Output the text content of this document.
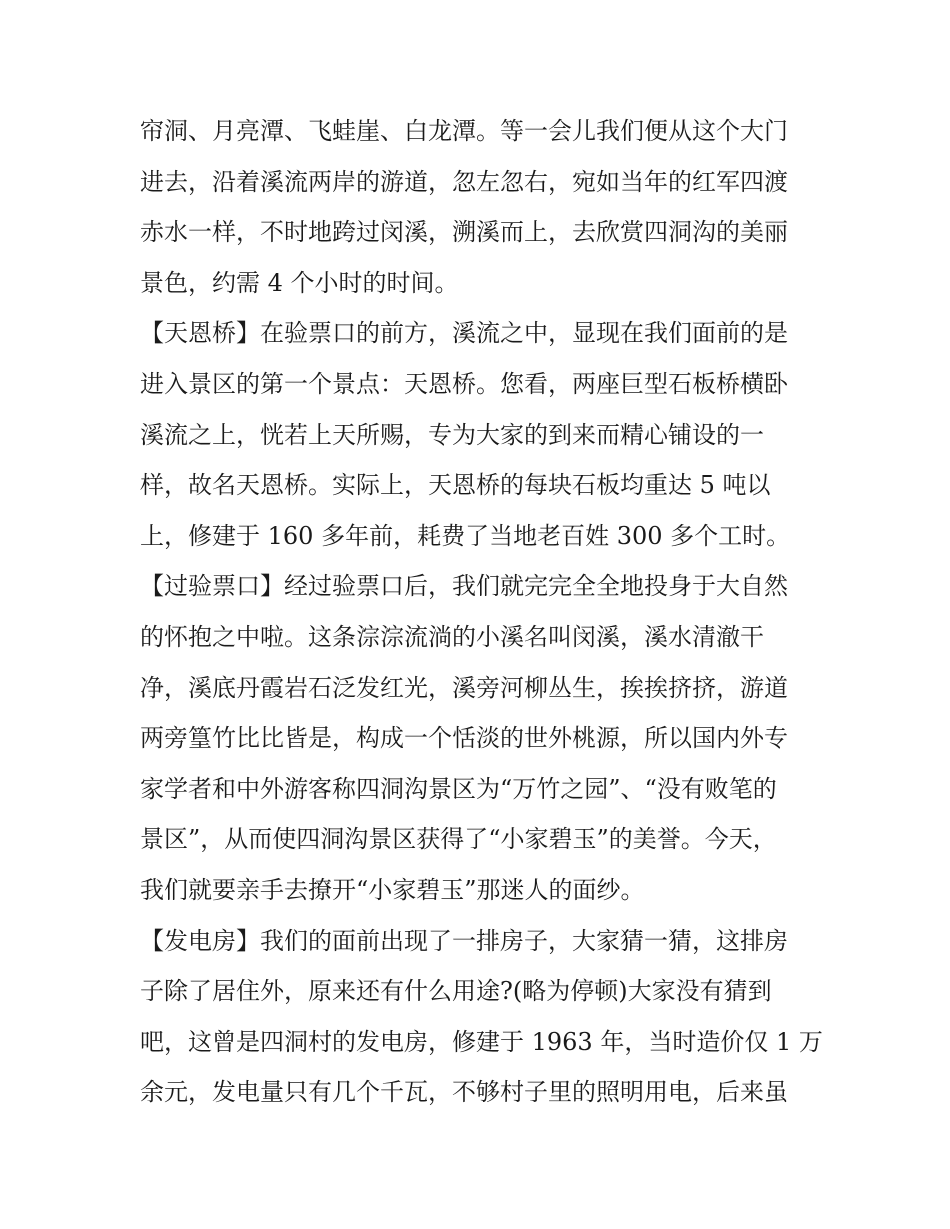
帘洞、月亮潭、飞蛙崖、白龙潭。等一会儿我们便从这个大门
进去，沿着溪流两岸的游道，忽左忽右，宛如当年的红军四渡
赤水一样，不时地跨过闵溪，溯溪而上，去欣赏四洞沟的美丽
景色，约需 4 个小时的时间。
【天恩桥】在验票口的前方，溪流之中，显现在我们面前的是
进入景区的第一个景点：天恩桥。您看，两座巨型石板桥横卧
溪流之上，恍若上天所赐，专为大家的到来而精心铺设的一
样，故名天恩桥。实际上，天恩桥的每块石板均重达 5 吨以
上，修建于 160 多年前，耗费了当地老百姓 300 多个工时。
【过验票口】经过验票口后，我们就完完全全地投身于大自然
的怀抱之中啦。这条淙淙流淌的小溪名叫闵溪，溪水清澈干
净，溪底丹霞岩石泛发红光，溪旁河柳丛生，挨挨挤挤，游道
两旁篁竹比比皆是，构成一个恬淡的世外桃源，所以国内外专
家学者和中外游客称四洞沟景区为“万竹之园”、“没有败笔的
景区”，从而使四洞沟景区获得了“小家碧玉”的美誉。今天，
我们就要亲手去撩开“小家碧玉”那迷人的面纱。
【发电房】我们的面前出现了一排房子，大家猜一猜，这排房
子除了居住外，原来还有什么用途?(略为停顿)大家没有猜到
吧，这曾是四洞村的发电房，修建于 1963 年，当时造价仅 1 万
余元，发电量只有几个千瓦，不够村子里的照明用电，后来虽
